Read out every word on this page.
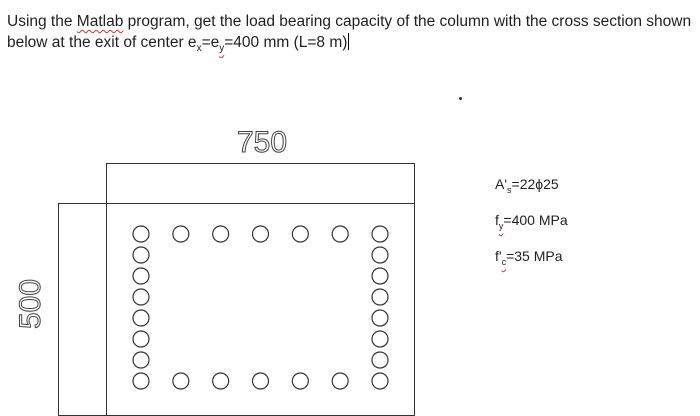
Using the Matlab program, get the load bearing capacity of the column with the cross section shown below at the exit of center $e_x=e_y=400$ mm (L=8 m)
750
500
$A'_s=22\phi 25$
$f_y=400$ MPa
$f'_c=35$ MPa
